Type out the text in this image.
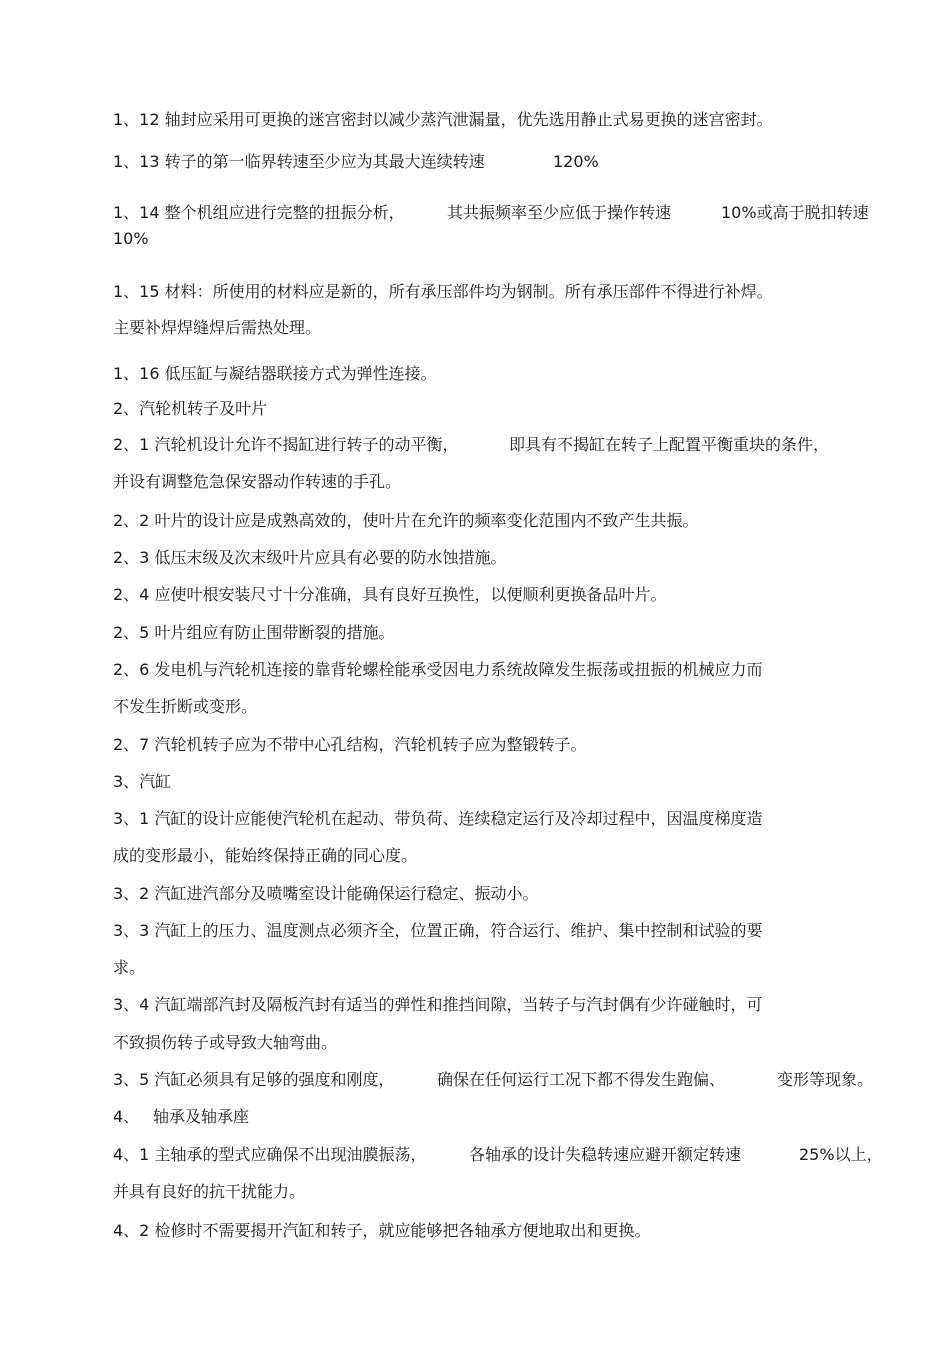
1、12 轴封应采用可更换的迷宫密封以减少蒸汽泄漏量，优先选用静止式易更换的迷宫密封。
1、13 转子的第一临界转速至少应为其最大连续转速	120%
1、14 整个机组应进行完整的扭振分析，	其共振频率至少应低于操作转速	10%或高于脱扣转速
10%
1、15 材料：所使用的材料应是新的，所有承压部件均为钢制。所有承压部件不得进行补焊。
主要补焊焊缝焊后需热处理。
1、16 低压缸与凝结器联接方式为弹性连接。
2、汽轮机转子及叶片
2、1 汽轮机设计允许不揭缸进行转子的动平衡，	即具有不揭缸在转子上配置平衡重块的条件，
并设有调整危急保安器动作转速的手孔。
2、2 叶片的设计应是成熟高效的，使叶片在允许的频率变化范围内不致产生共振。
2、3 低压末级及次末级叶片应具有必要的防水蚀措施。
2、4 应使叶根安装尺寸十分准确，具有良好互换性，以便顺利更换备品叶片。
2、5 叶片组应有防止围带断裂的措施。
2、6 发电机与汽轮机连接的靠背轮螺栓能承受因电力系统故障发生振荡或扭振的机械应力而
不发生折断或变形。
2、7 汽轮机转子应为不带中心孔结构，汽轮机转子应为整锻转子。
3、汽缸
3、1 汽缸的设计应能使汽轮机在起动、带负荷、连续稳定运行及冷却过程中，因温度梯度造
成的变形最小，能始终保持正确的同心度。
3、2 汽缸进汽部分及喷嘴室设计能确保运行稳定、振动小。
3、3 汽缸上的压力、温度测点必须齐全，位置正确，符合运行、维护、集中控制和试验的要
求。
3、4 汽缸端部汽封及隔板汽封有适当的弹性和推挡间隙，当转子与汽封偶有少许碰触时，可
不致损伤转子或导致大轴弯曲。
3、5 汽缸必须具有足够的强度和刚度，	确保在任何运行工况下都不得发生跑偏、	变形等现象。
4、 轴承及轴承座
4、1 主轴承的型式应确保不出现油膜振荡，	各轴承的设计失稳转速应避开额定转速	25%以上，
并具有良好的抗干扰能力。
4、2 检修时不需要揭开汽缸和转子，就应能够把各轴承方便地取出和更换。
